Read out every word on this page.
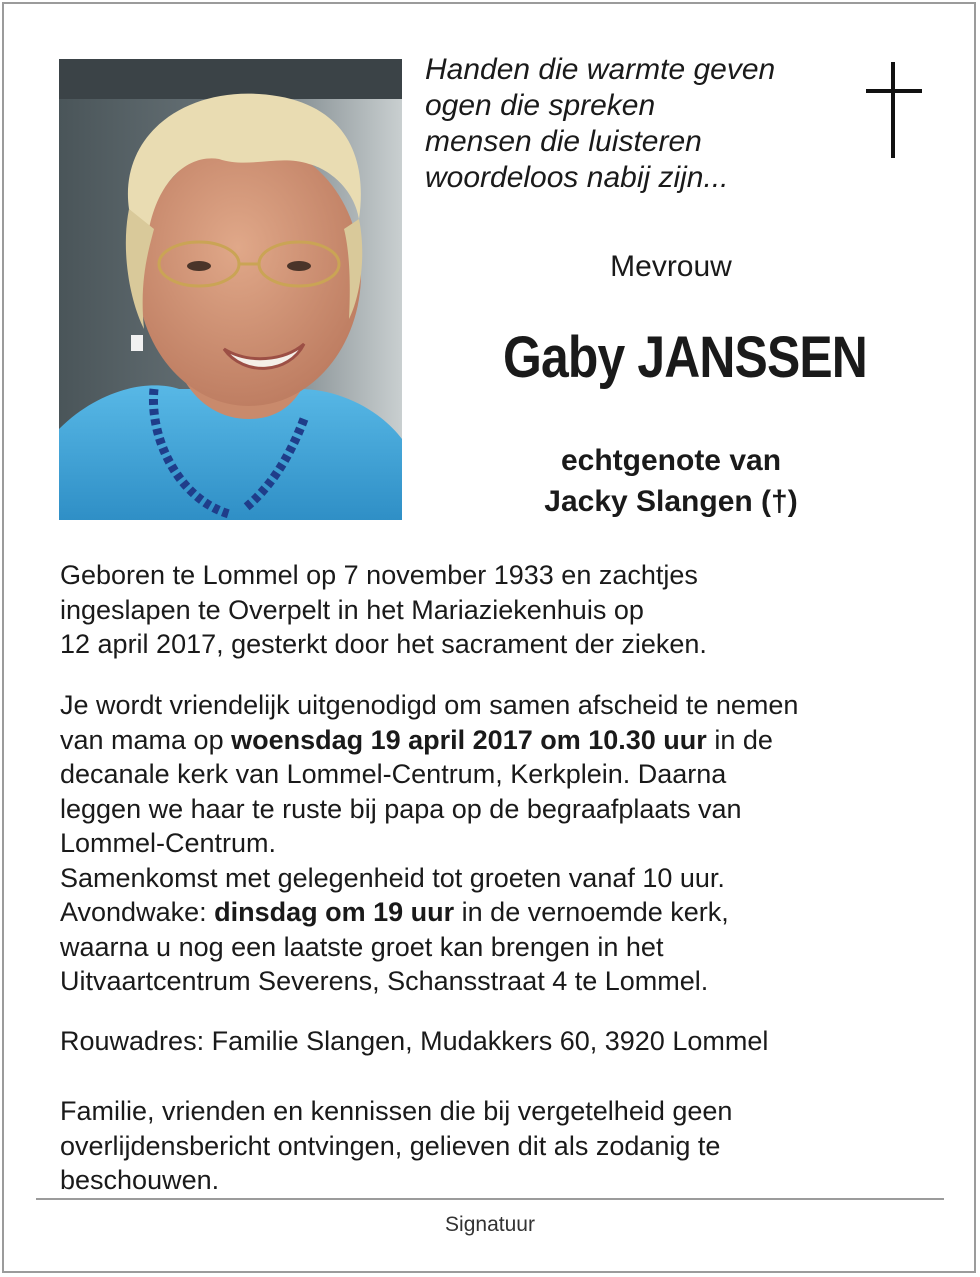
Handen die warmte geven
ogen die spreken
mensen die luisteren
woordeloos nabij zijn...
Mevrouw
Gaby JANSSEN
echtgenote van
Jacky Slangen (†)
Geboren te Lommel op 7 november 1933 en zachtjes
ingeslapen te Overpelt in het Mariaziekenhuis op
12 april 2017, gesterkt door het sacrament der zieken.
Je wordt vriendelijk uitgenodigd om samen afscheid te nemen
van mama op woensdag 19 april 2017 om 10.30 uur in de
decanale kerk van Lommel-Centrum, Kerkplein. Daarna
leggen we haar te ruste bij papa op de begraafplaats van
Lommel-Centrum.
Samenkomst met gelegenheid tot groeten vanaf 10 uur.
Avondwake: dinsdag om 19 uur in de vernoemde kerk,
waarna u nog een laatste groet kan brengen in het
Uitvaartcentrum Severens, Schansstraat 4 te Lommel.
Rouwadres: Familie Slangen, Mudakkers 60, 3920 Lommel
Familie, vrienden en kennissen die bij vergetelheid geen
overlijdensbericht ontvingen, gelieven dit als zodanig te
beschouwen.
Signatuur
